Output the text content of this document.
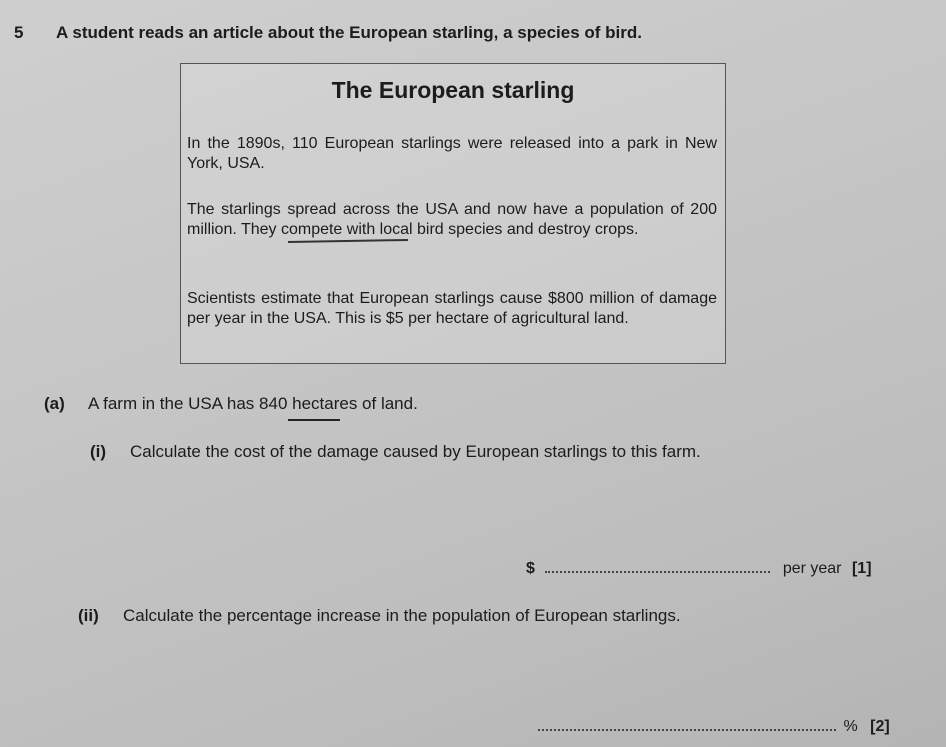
5 A student reads an article about the European starling, a species of bird.
The European starling
In the 1890s, 110 European starlings were released into a park in New York, USA.
The starlings spread across the USA and now have a population of 200 million. They compete with local bird species and destroy crops.
Scientists estimate that European starlings cause $800 million of damage per year in the USA. This is $5 per hectare of agricultural land.
(a) A farm in the USA has 840 hectares of land.
(i) Calculate the cost of the damage caused by European starlings to this farm.
$	per year [1]
(ii) Calculate the percentage increase in the population of European starlings.
% [2]
